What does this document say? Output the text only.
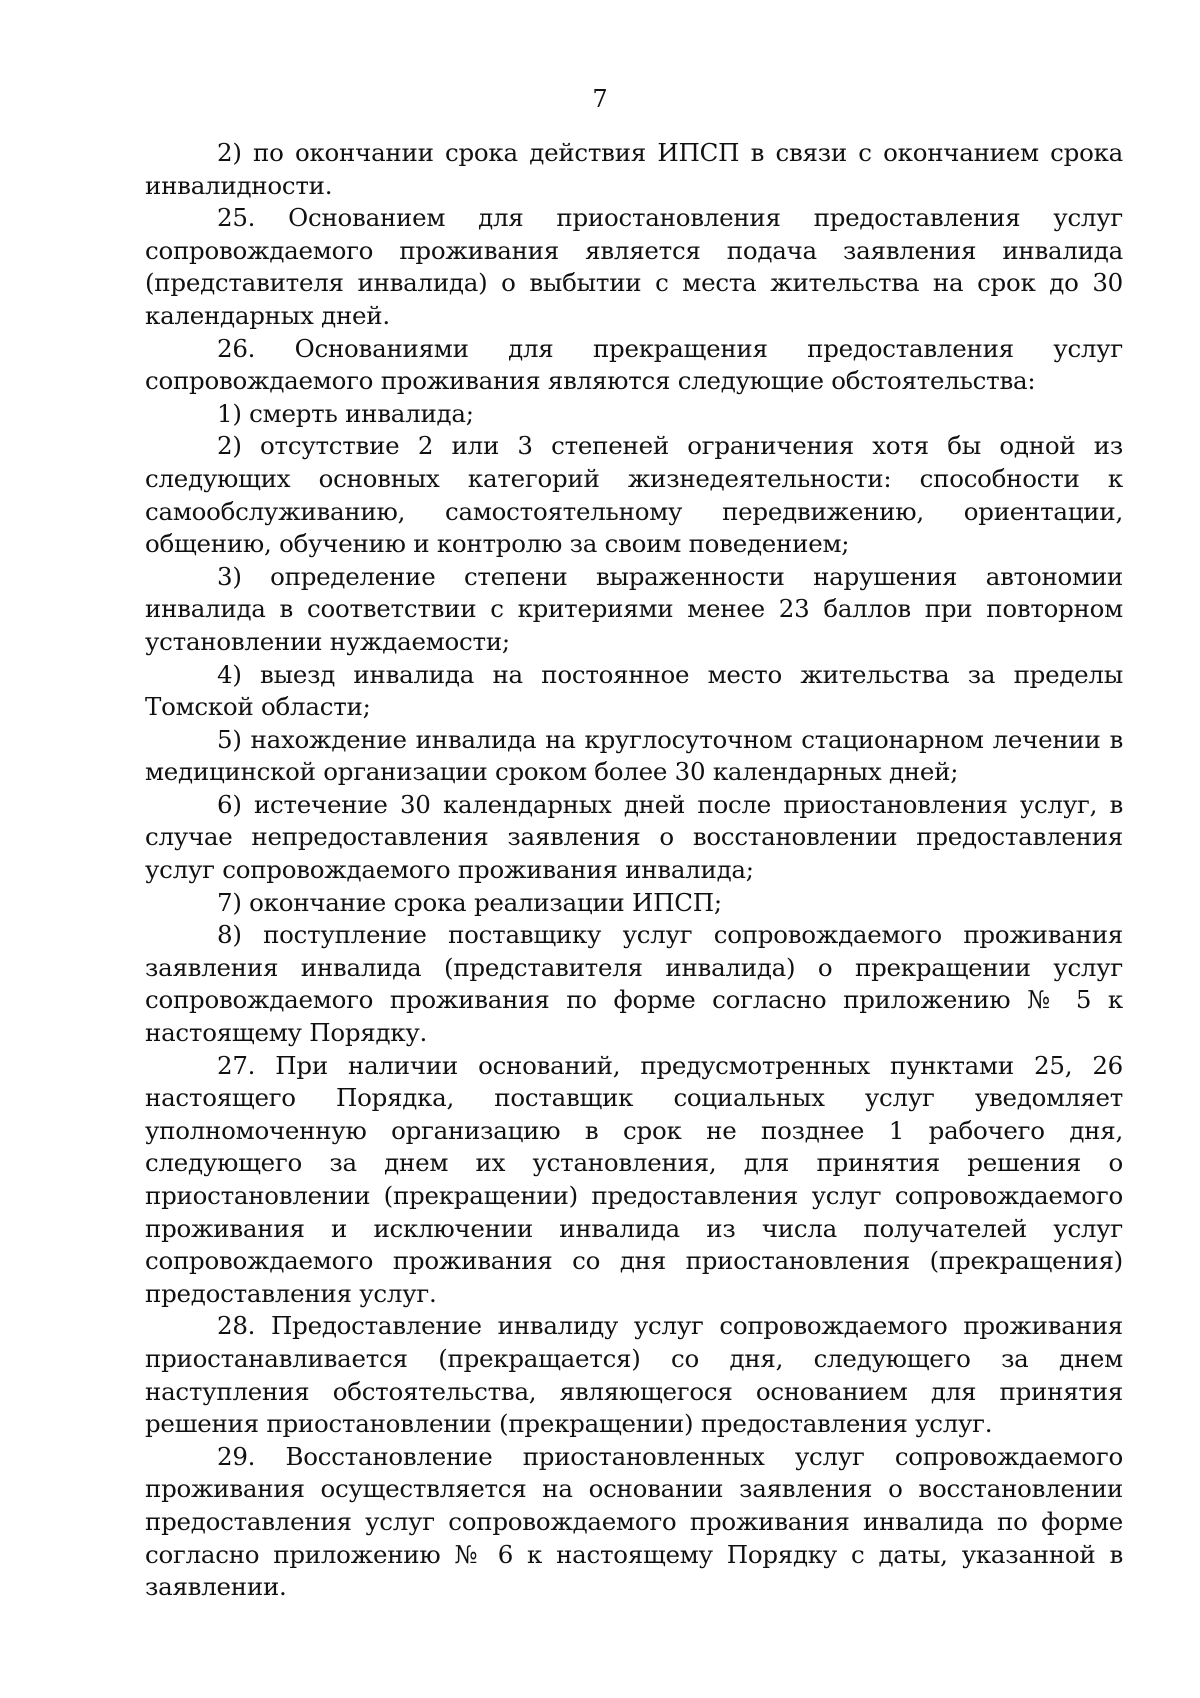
7

2) по окончании срока действия ИПСП в связи с окончанием срока инвалидности.

25. Основанием для приостановления предоставления услуг сопровождаемого проживания является подача заявления инвалида (представителя инвалида) о выбытии с места жительства на срок до 30 календарных дней.

26. Основаниями для прекращения предоставления услуг сопровождаемого проживания являются следующие обстоятельства:

1) смерть инвалида;

2) отсутствие 2 или 3 степеней ограничения хотя бы одной из следующих основных категорий жизнедеятельности: способности к самообслуживанию, самостоятельному передвижению, ориентации, общению, обучению и контролю за своим поведением;

3) определение степени выраженности нарушения автономии инвалида в соответствии с критериями менее 23 баллов при повторном установлении нуждаемости;

4) выезд инвалида на постоянное место жительства за пределы Томской области;

5) нахождение инвалида на круглосуточном стационарном лечении в медицинской организации сроком более 30 календарных дней;

6) истечение 30 календарных дней после приостановления услуг, в случае непредоставления заявления о восстановлении предоставления услуг сопровождаемого проживания инвалида;

7) окончание срока реализации ИПСП;

8) поступление поставщику услуг сопровождаемого проживания заявления инвалида (представителя инвалида) о прекращении услуг сопровождаемого проживания по форме согласно приложению № 5 к настоящему Порядку.

27. При наличии оснований, предусмотренных пунктами 25, 26 настоящего Порядка, поставщик социальных услуг уведомляет уполномоченную организацию в срок не позднее 1 рабочего дня, следующего за днем их установления, для принятия решения о приостановлении (прекращении) предоставления услуг сопровождаемого проживания и исключении инвалида из числа получателей услуг сопровождаемого проживания со дня приостановления (прекращения) предоставления услуг.

28. Предоставление инвалиду услуг сопровождаемого проживания приостанавливается (прекращается) со дня, следующего за днем наступления обстоятельства, являющегося основанием для принятия решения приостановлении (прекращении) предоставления услуг.

29. Восстановление приостановленных услуг сопровождаемого проживания осуществляется на основании заявления о восстановлении предоставления услуг сопровождаемого проживания инвалида по форме согласно приложению № 6 к настоящему Порядку с даты, указанной в заявлении.
